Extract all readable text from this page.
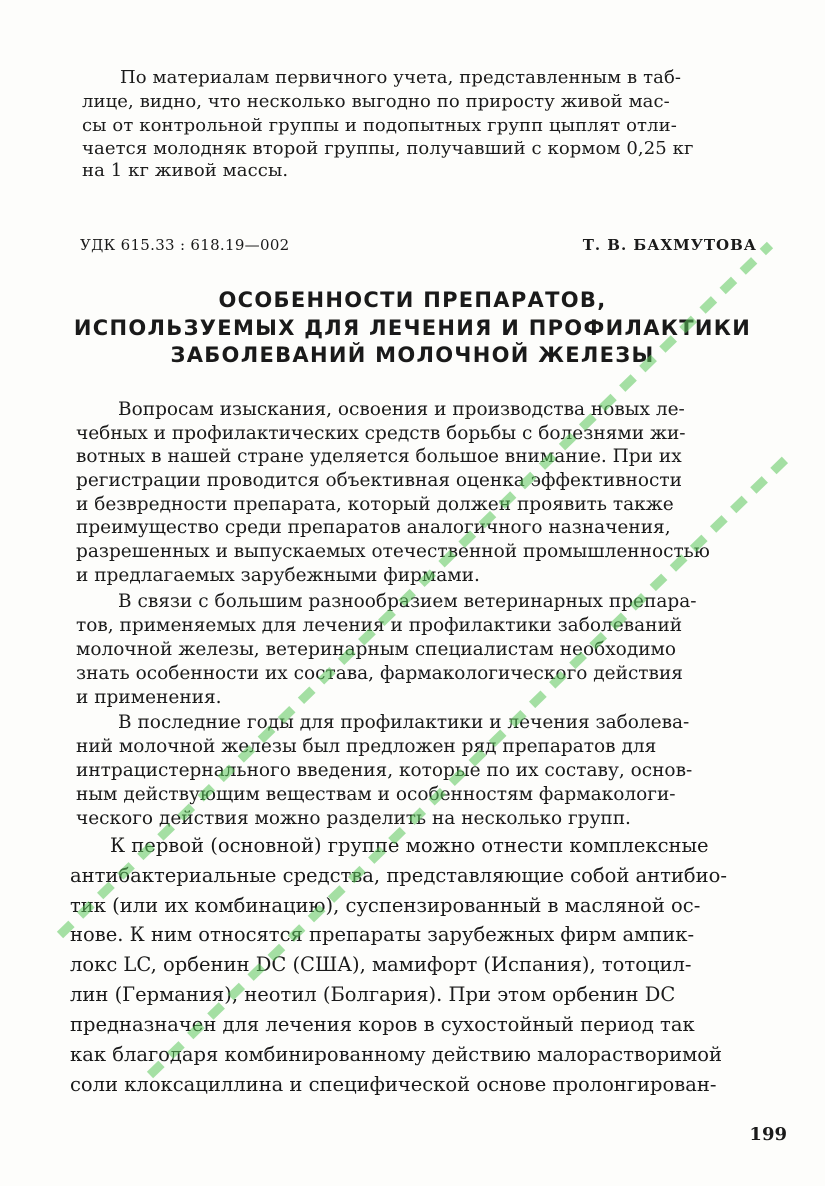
По материалам первичного учета, представленным в таб-
лице, видно, что несколько выгодно по приросту живой мас-
сы от контрольной группы и подопытных групп цыплят отли-
чается молодняк второй группы, получавший с кормом 0,25 кг
на 1 кг живой массы.
УДК 615.33 : 618.19—002	Т. В. БАХМУТОВА
ОСОБЕННОСТИ ПРЕПАРАТОВ,
ИСПОЛЬЗУЕМЫХ ДЛЯ ЛЕЧЕНИЯ И ПРОФИЛАКТИКИ
ЗАБОЛЕВАНИЙ МОЛОЧНОЙ ЖЕЛЕЗЫ
Вопросам изыскания, освоения и производства новых ле-
чебных и профилактических средств борьбы с болезнями жи-
вотных в нашей стране уделяется большое внимание. При их
регистрации проводится объективная оценка эффективности
и безвредности препарата, который должен проявить также
преимущество среди препаратов аналогичного назначения,
разрешенных и выпускаемых отечественной промышленностью
и предлагаемых зарубежными фирмами.
В связи с большим разнообразием ветеринарных препара-
тов, применяемых для лечения и профилактики заболеваний
молочной железы, ветеринарным специалистам необходимо
знать особенности их состава, фармакологического действия
и применения.
В последние годы для профилактики и лечения заболева-
ний молочной железы был предложен ряд препаратов для
интрацистернального введения, которые по их составу, основ-
ным действующим веществам и особенностям фармакологи-
ческого действия можно разделить на несколько групп.
К первой (основной) группе можно отнести комплексные
антибактериальные средства, представляющие собой антибио-
тик (или их комбинацию), суспензированный в масляной ос-
нове. К ним относятся препараты зарубежных фирм ампик-
локс LC, орбенин DC (США), мамифорт (Испания), тотоцил-
лин (Германия), неотил (Болгария). При этом орбенин DC
предназначен для лечения коров в сухостойный период так
как благодаря комбинированному действию малорастворимой
соли клоксациллина и специфической основе пролонгирован-
199
